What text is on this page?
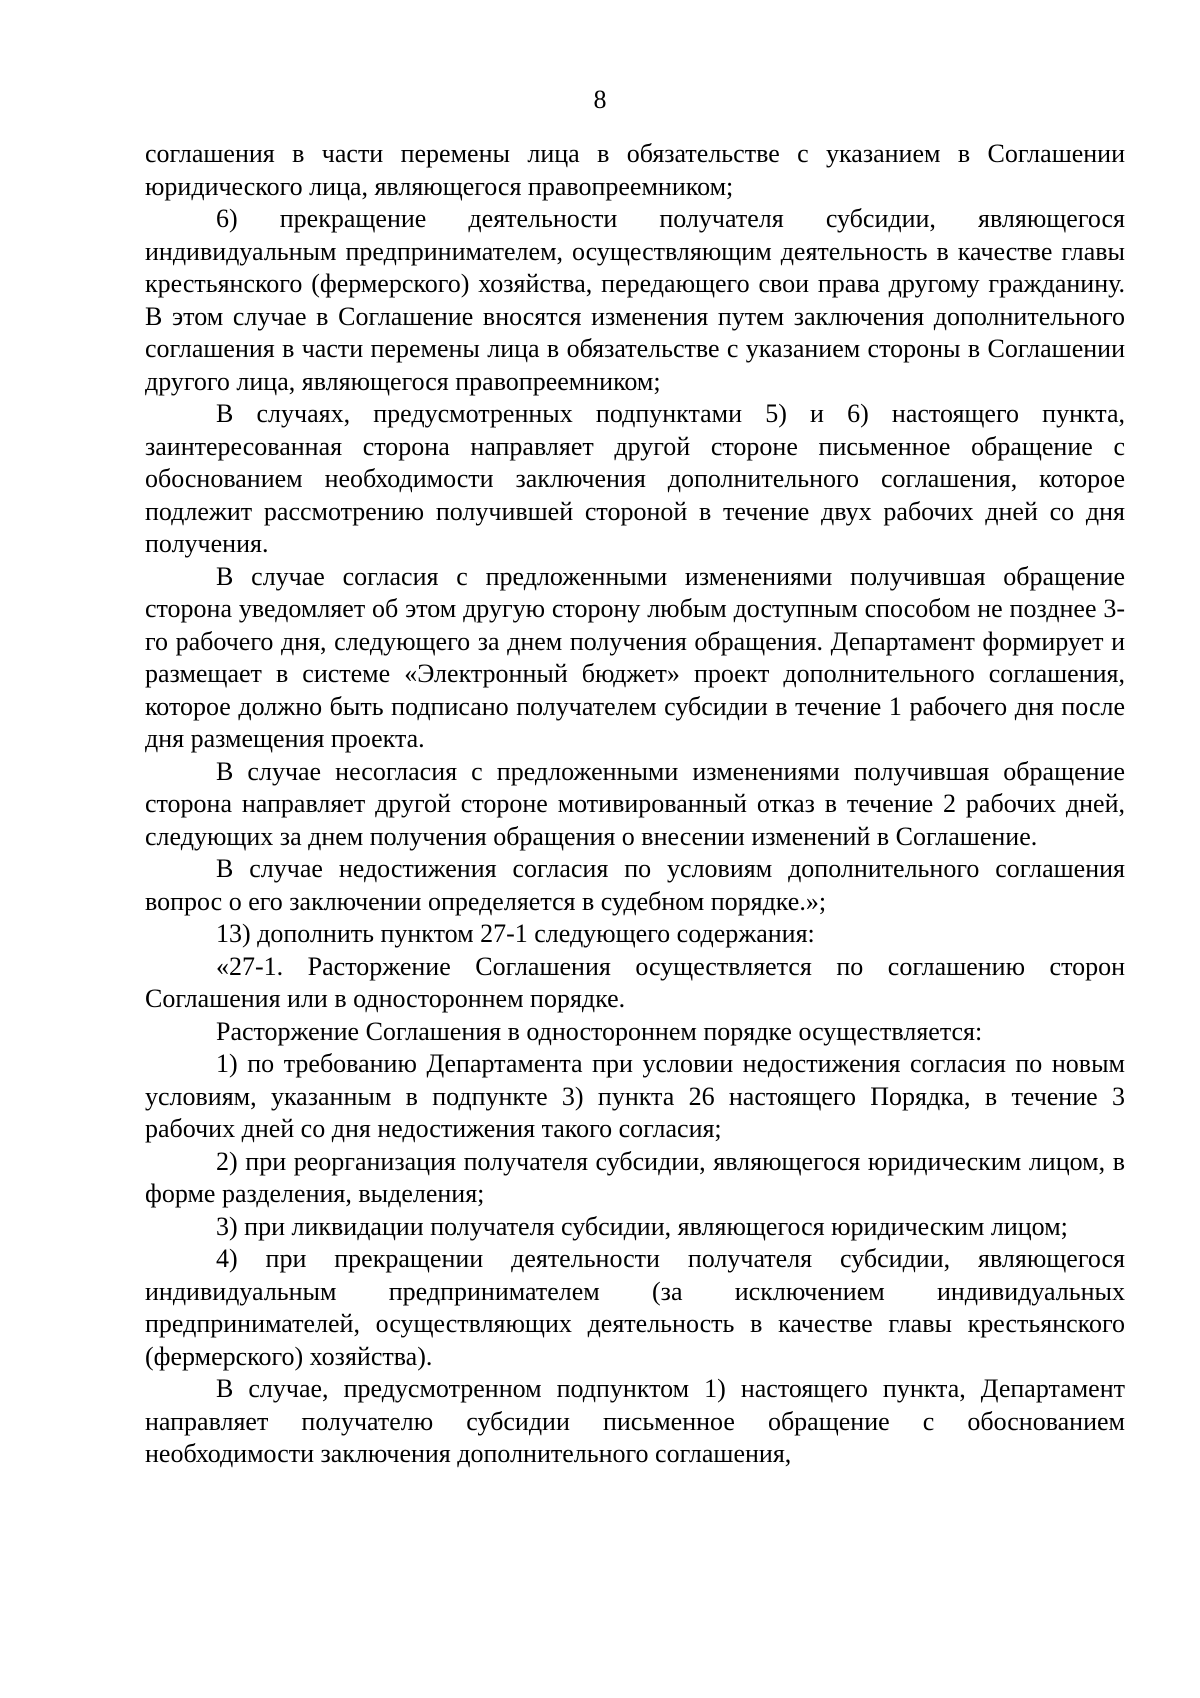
8

соглашения в части перемены лица в обязательстве с указанием в Соглашении юридического лица, являющегося правопреемником;

6) прекращение деятельности получателя субсидии, являющегося индивидуальным предпринимателем, осуществляющим деятельность в качестве главы крестьянского (фермерского) хозяйства, передающего свои права другому гражданину. В этом случае в Соглашение вносятся изменения путем заключения дополнительного соглашения в части перемены лица в обязательстве с указанием стороны в Соглашении другого лица, являющегося правопреемником;

В случаях, предусмотренных подпунктами 5) и 6) настоящего пункта, заинтересованная сторона направляет другой стороне письменное обращение с обоснованием необходимости заключения дополнительного соглашения, которое подлежит рассмотрению получившей стороной в течение двух рабочих дней со дня получения.

В случае согласия с предложенными изменениями получившая обращение сторона уведомляет об этом другую сторону любым доступным способом не позднее 3-го рабочего дня, следующего за днем получения обращения. Департамент формирует и размещает в системе «Электронный бюджет» проект дополнительного соглашения, которое должно быть подписано получателем субсидии в течение 1 рабочего дня после дня размещения проекта.

В случае несогласия с предложенными изменениями получившая обращение сторона направляет другой стороне мотивированный отказ в течение 2 рабочих дней, следующих за днем получения обращения о внесении изменений в Соглашение.

В случае недостижения согласия по условиям дополнительного соглашения вопрос о его заключении определяется в судебном порядке.»;

13) дополнить пунктом 27-1 следующего содержания:

«27-1. Расторжение Соглашения осуществляется по соглашению сторон Соглашения или в одностороннем порядке.

Расторжение Соглашения в одностороннем порядке осуществляется:

1) по требованию Департамента при условии недостижения согласия по новым условиям, указанным в подпункте 3) пункта 26 настоящего Порядка, в течение 3 рабочих дней со дня недостижения такого согласия;

2) при реорганизация получателя субсидии, являющегося юридическим лицом, в форме разделения, выделения;

3) при ликвидации получателя субсидии, являющегося юридическим лицом;

4) при прекращении деятельности получателя субсидии, являющегося индивидуальным предпринимателем (за исключением индивидуальных предпринимателей, осуществляющих деятельность в качестве главы крестьянского (фермерского) хозяйства).

В случае, предусмотренном подпунктом 1) настоящего пункта, Департамент направляет получателю субсидии письменное обращение с обоснованием необходимости заключения дополнительного соглашения,
